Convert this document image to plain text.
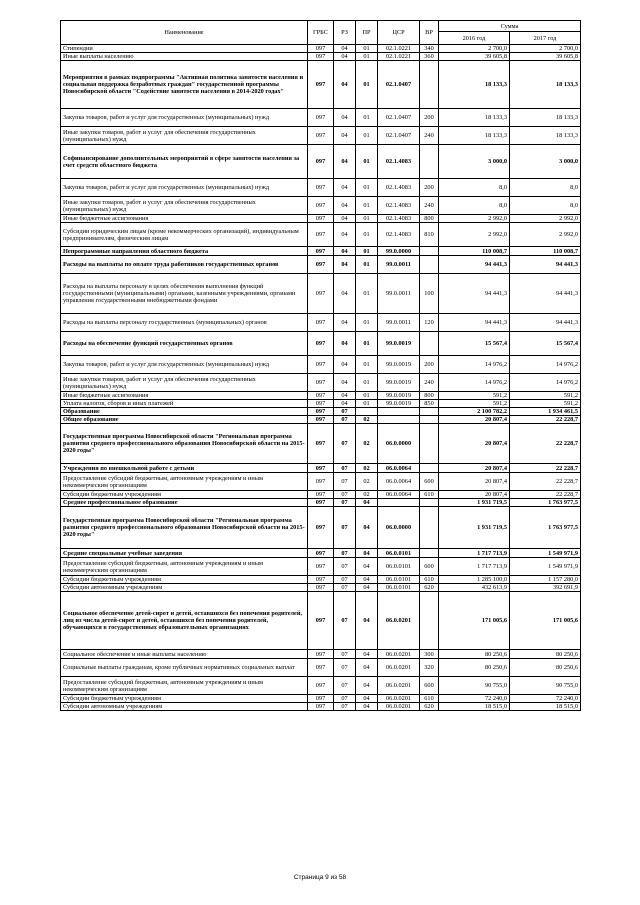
Наименование	ГРБС	РЗ	ПР	ЦСР	ВР	Сумма	
						2016 год	2017 год
Стипендии	097	04	01	02.1.0221	340	2 700,0	2 700,0
Иные выплаты населению	097	04	01	02.1.0221	360	39 605,8	39 605,8
Мероприятия в рамках подпрограммы "Активная политика занятости населения и социальная поддержка безработных граждан" государственной программы Новосибирской области "Содействие занятости населения в 2014-2020 годах"	097	04	01	02.1.0407		18 133,3	18 133,3
Закупка товаров, работ и услуг для государственных (муниципальных) нужд	097	04	01	02.1.0407	200	18 133,3	18 133,3
Иные закупки товаров, работ и услуг для обеспечения государственных (муниципальных) нужд	097	04	01	02.1.0407	240	18 133,3	18 133,3
Софинансирование дополнительных мероприятий в сфере занятости населения за счет средств областного бюджета	097	04	01	02.1.4083		3 000,0	3 000,0
Закупка товаров, работ и услуг для государственных (муниципальных) нужд	097	04	01	02.1.4083	200	8,0	8,0
Иные закупки товаров, работ и услуг для обеспечения государственных (муниципальных) нужд	097	04	01	02.1.4083	240	8,0	8,0
Иные бюджетные ассигнования	097	04	01	02.1.4083	800	2 992,0	2 992,0
Субсидии юридическим лицам (кроме некоммерческих организаций), индивидуальным предпринимателям, физическим лицам	097	04	01	02.1.4083	810	2 992,0	2 992,0
Непрограммные направления областного бюджета	097	04	01	99.0.0000		110 008,7	110 008,7
Расходы на выплаты по оплате труда работников государственных органов	097	04	01	99.0.0011		94 441,3	94 441,3
Расходы на выплаты персоналу в целях обеспечения выполнения функций государственными (муниципальными) органами, казенными учреждениями, органами управления государственными внебюджетными фондами	097	04	01	99.0.0011	100	94 441,3	94 441,3
Расходы на выплаты персоналу государственных (муниципальных) органов	097	04	01	99.0.0011	120	94 441,3	94 441,3
Расходы на обеспечение функций государственных органов	097	04	01	99.0.0019		15 567,4	15 567,4
Закупка товаров, работ и услуг для государственных (муниципальных) нужд	097	04	01	99.0.0019	200	14 976,2	14 976,2
Иные закупки товаров, работ и услуг для обеспечения государственных (муниципальных) нужд	097	04	01	99.0.0019	240	14 976,2	14 976,2
Иные бюджетные ассигнования	097	04	01	99.0.0019	800	591,2	591,2
Уплата налогов, сборов и иных платежей	097	04	01	99.0.0019	850	591,2	591,2
Образование	097	07				2 100 782,2	1 934 461,5
Общее образование	097	07	02			20 807,4	22 228,7
Государственная программа Новосибирской области "Региональная программа развития среднего профессионального образования Новосибирской области на 2015-2020 годы"	097	07	02	06.0.0000		20 807,4	22 228,7
Учреждения по внешкольной работе с детьми	097	07	02	06.0.0064		20 807,4	22 228,7
Предоставление субсидий бюджетным, автономным учреждениям и иным некоммерческим организациям	097	07	02	06.0.0064	600	20 807,4	22 228,7
Субсидии бюджетным учреждениям	097	07	02	06.0.0064	610	20 807,4	22 228,7
Среднее профессиональное образование	097	07	04			1 931 719,5	1 763 977,5
Государственная программа Новосибирской области "Региональная программа развития среднего профессионального образования Новосибирской области на 2015-2020 годы"	097	07	04	06.0.0000		1 931 719,5	1 763 977,5
Средние специальные учебные заведения	097	07	04	06.0.0101		1 717 713,9	1 549 971,9
Предоставление субсидий бюджетным, автономным учреждениям и иным некоммерческим организациям	097	07	04	06.0.0101	600	1 717 713,9	1 549 971,9
Субсидии бюджетным учреждениям	097	07	04	06.0.0101	610	1 285 100,0	1 157 280,0
Субсидии автономным учреждениям	097	07	04	06.0.0101	620	432 613,9	392 691,9
Социальное обеспечение детей-сирот и детей, оставшихся без попечения родителей, лиц из числа детей-сирот и детей, оставшихся без попечения родителей, обучающихся в государственных образовательных организациях	097	07	04	06.0.0201		171 005,6	171 005,6
Социальное обеспечение и иные выплаты населению	097	07	04	06.0.0201	300	80 250,6	80 250,6
Социальные выплаты гражданам, кроме публичных нормативных социальных выплат	097	07	04	06.0.0201	320	80 250,6	80 250,6
Предоставление субсидий бюджетным, автономным учреждениям и иным некоммерческим организациям	097	07	04	06.0.0201	600	90 755,0	90 755,0
Субсидии бюджетным учреждениям	097	07	04	06.0.0201	610	72 240,0	72 240,0
Субсидии автономным учреждениям	097	07	04	06.0.0201	620	18 515,0	18 515,0
Страница 9 из 58
